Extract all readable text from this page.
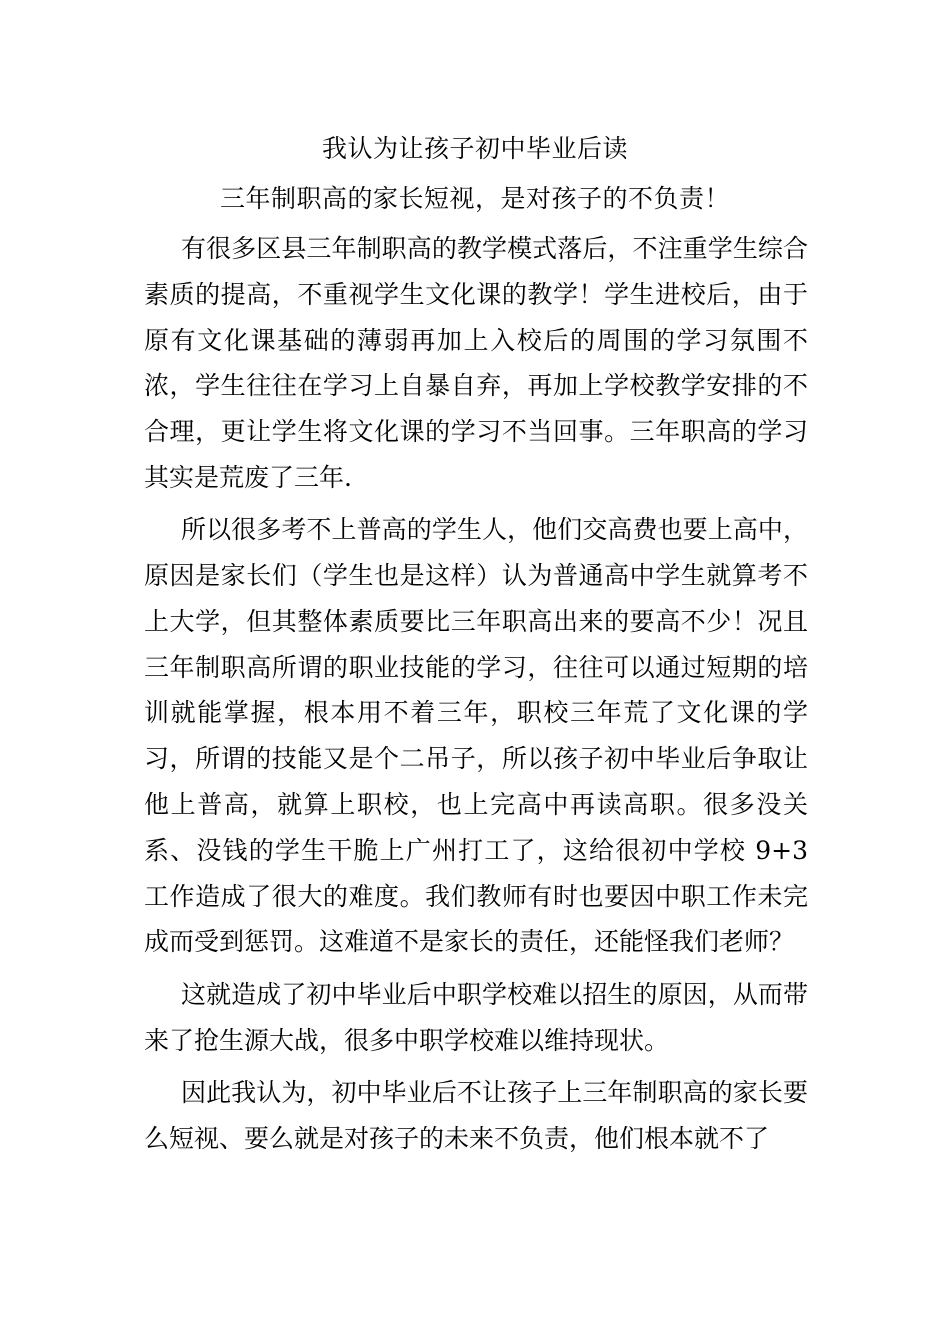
我认为让孩子初中毕业后读
三年制职高的家长短视，是对孩子的不负责！

有很多区县三年制职高的教学模式落后，不注重学生综合素质的提高，不重视学生文化课的教学！学生进校后，由于原有文化课基础的薄弱再加上入校后的周围的学习氛围不浓，学生往往在学习上自暴自弃，再加上学校教学安排的不合理，更让学生将文化课的学习不当回事。三年职高的学习其实是荒废了三年.

所以很多考不上普高的学生人，他们交高费也要上高中，原因是家长们（学生也是这样）认为普通高中学生就算考不上大学，但其整体素质要比三年职高出来的要高不少！况且三年制职高所谓的职业技能的学习，往往可以通过短期的培训就能掌握，根本用不着三年，职校三年荒了文化课的学习，所谓的技能又是个二吊子，所以孩子初中毕业后争取让他上普高，就算上职校，也上完高中再读高职。很多没关系、没钱的学生干脆上广州打工了，这给很初中学校 9+3 工作造成了很大的难度。我们教师有时也要因中职工作未完成而受到惩罚。这难道不是家长的责任，还能怪我们老师？

这就造成了初中毕业后中职学校难以招生的原因，从而带来了抢生源大战，很多中职学校难以维持现状。

因此我认为，初中毕业后不让孩子上三年制职高的家长要么短视、要么就是对孩子的未来不负责，他们根本就不了
